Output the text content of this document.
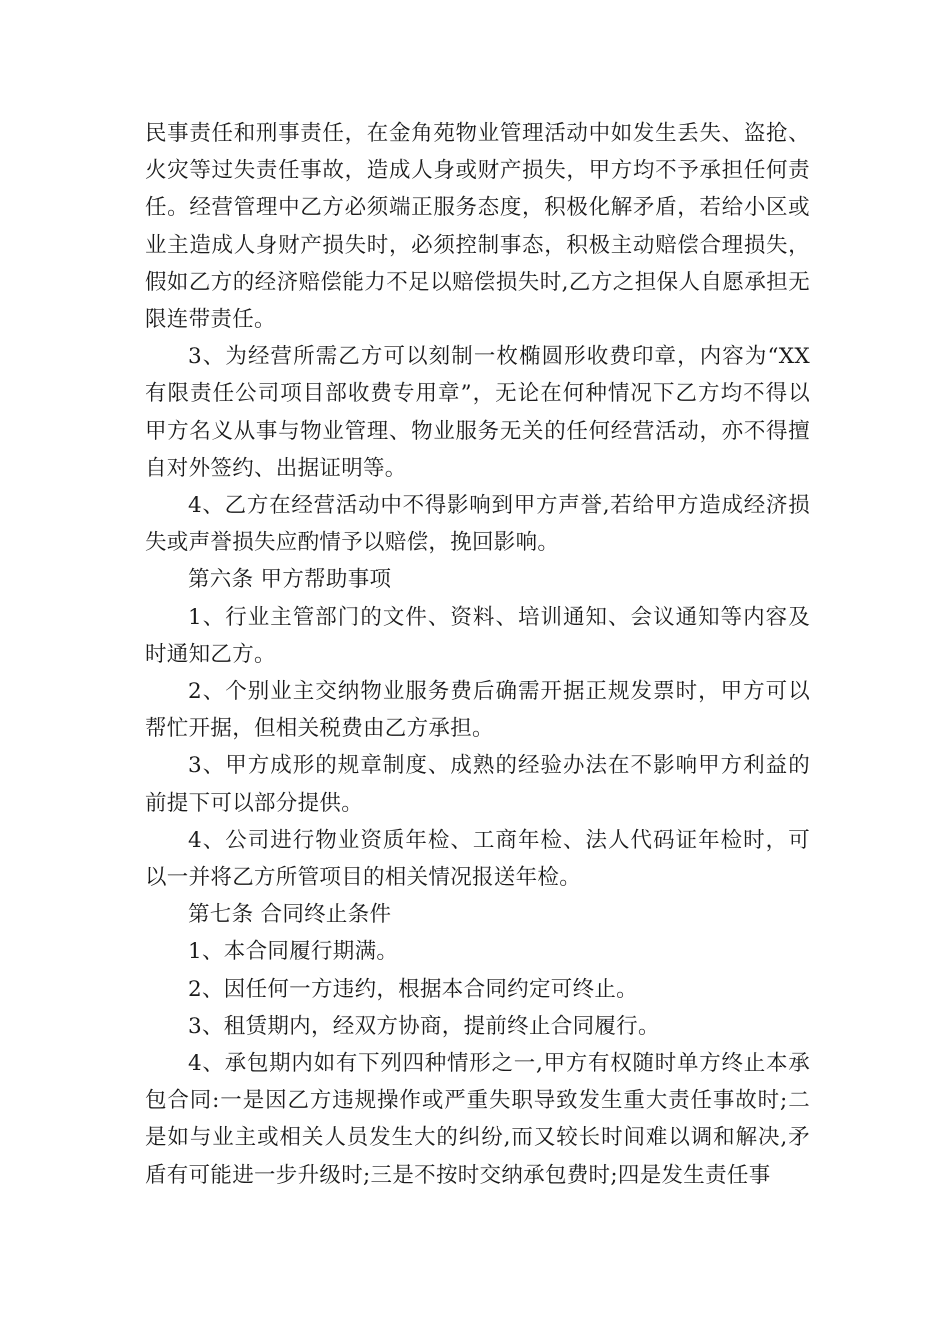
民事责任和刑事责任，在金角苑物业管理活动中如发生丢失、盗抢、火灾等过失责任事故，造成人身或财产损失，甲方均不予承担任何责任。经营管理中乙方必须端正服务态度，积极化解矛盾，若给小区或业主造成人身财产损失时，必须控制事态，积极主动赔偿合理损失，假如乙方的经济赔偿能力不足以赔偿损失时,乙方之担保人自愿承担无限连带责任。

3、为经营所需乙方可以刻制一枚椭圆形收费印章，内容为“XX有限责任公司项目部收费专用章”，无论在何种情况下乙方均不得以甲方名义从事与物业管理、物业服务无关的任何经营活动，亦不得擅自对外签约、出据证明等。

4、乙方在经营活动中不得影响到甲方声誉,若给甲方造成经济损失或声誉损失应酌情予以赔偿，挽回影响。

第六条 甲方帮助事项

1、行业主管部门的文件、资料、培训通知、会议通知等内容及时通知乙方。

2、个别业主交纳物业服务费后确需开据正规发票时，甲方可以帮忙开据，但相关税费由乙方承担。

3、甲方成形的规章制度、成熟的经验办法在不影响甲方利益的前提下可以部分提供。

4、公司进行物业资质年检、工商年检、法人代码证年检时，可以一并将乙方所管项目的相关情况报送年检。

第七条 合同终止条件

1、本合同履行期满。

2、因任何一方违约，根据本合同约定可终止。

3、租赁期内，经双方协商，提前终止合同履行。

4、承包期内如有下列四种情形之一,甲方有权随时单方终止本承包合同:一是因乙方违规操作或严重失职导致发生重大责任事故时;二是如与业主或相关人员发生大的纠纷,而又较长时间难以调和解决,矛盾有可能进一步升级时;三是不按时交纳承包费时;四是发生责任事
